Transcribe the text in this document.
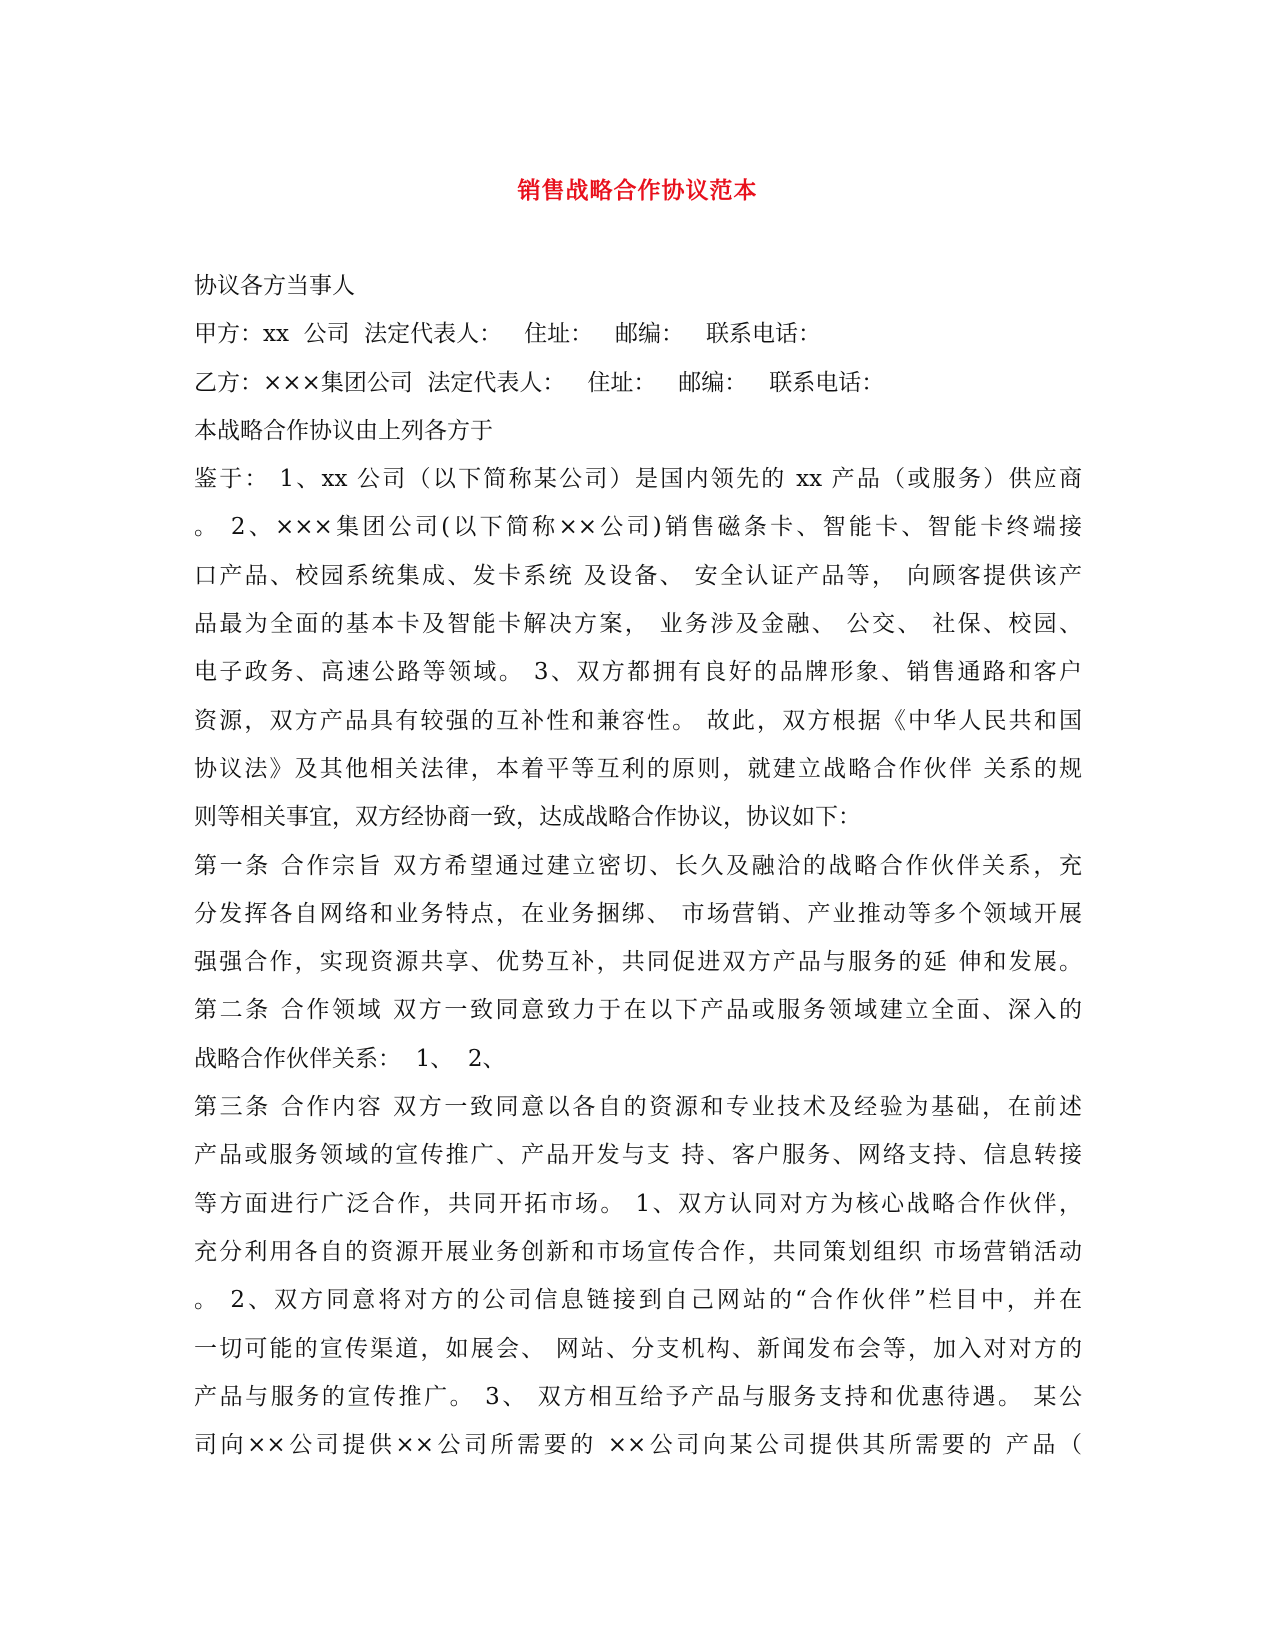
销售战略合作协议范本
协议各方当事人
甲方：xx  公司  法定代表人：   住址：   邮编：   联系电话：
乙方：×××集团公司  法定代表人：   住址：   邮编：   联系电话：
本战略合作协议由上列各方于
鉴于： 1、xx 公司（以下简称某公司）是国内领先的 xx 产品（或服务）供应商
。 2、×××集团公司(以下简称××公司)销售磁条卡、智能卡、智能卡终端接
口产品、校园系统集成、发卡系统 及设备、 安全认证产品等， 向顾客提供该产
品最为全面的基本卡及智能卡解决方案， 业务涉及金融、 公交、 社保、校园、
电子政务、高速公路等领域。 3、双方都拥有良好的品牌形象、销售通路和客户
资源，双方产品具有较强的互补性和兼容性。 故此，双方根据《中华人民共和国
协议法》及其他相关法律，本着平等互利的原则，就建立战略合作伙伴 关系的规
则等相关事宜，双方经协商一致，达成战略合作协议，协议如下：
第一条 合作宗旨 双方希望通过建立密切、长久及融洽的战略合作伙伴关系，充
分发挥各自网络和业务特点，在业务捆绑、 市场营销、产业推动等多个领域开展
强强合作，实现资源共享、优势互补，共同促进双方产品与服务的延 伸和发展。
第二条 合作领域 双方一致同意致力于在以下产品或服务领域建立全面、深入的
战略合作伙伴关系：  1、  2、
第三条 合作内容 双方一致同意以各自的资源和专业技术及经验为基础，在前述
产品或服务领域的宣传推广、产品开发与支 持、客户服务、网络支持、信息转接
等方面进行广泛合作，共同开拓市场。 1、双方认同对方为核心战略合作伙伴，
充分利用各自的资源开展业务创新和市场宣传合作，共同策划组织 市场营销活动
。 2、双方同意将对方的公司信息链接到自己网站的“合作伙伴”栏目中，并在
一切可能的宣传渠道，如展会、 网站、分支机构、新闻发布会等，加入对对方的
产品与服务的宣传推广。 3、 双方相互给予产品与服务支持和优惠待遇。 某公
司向××公司提供××公司所需要的 ××公司向某公司提供其所需要的 产品（
